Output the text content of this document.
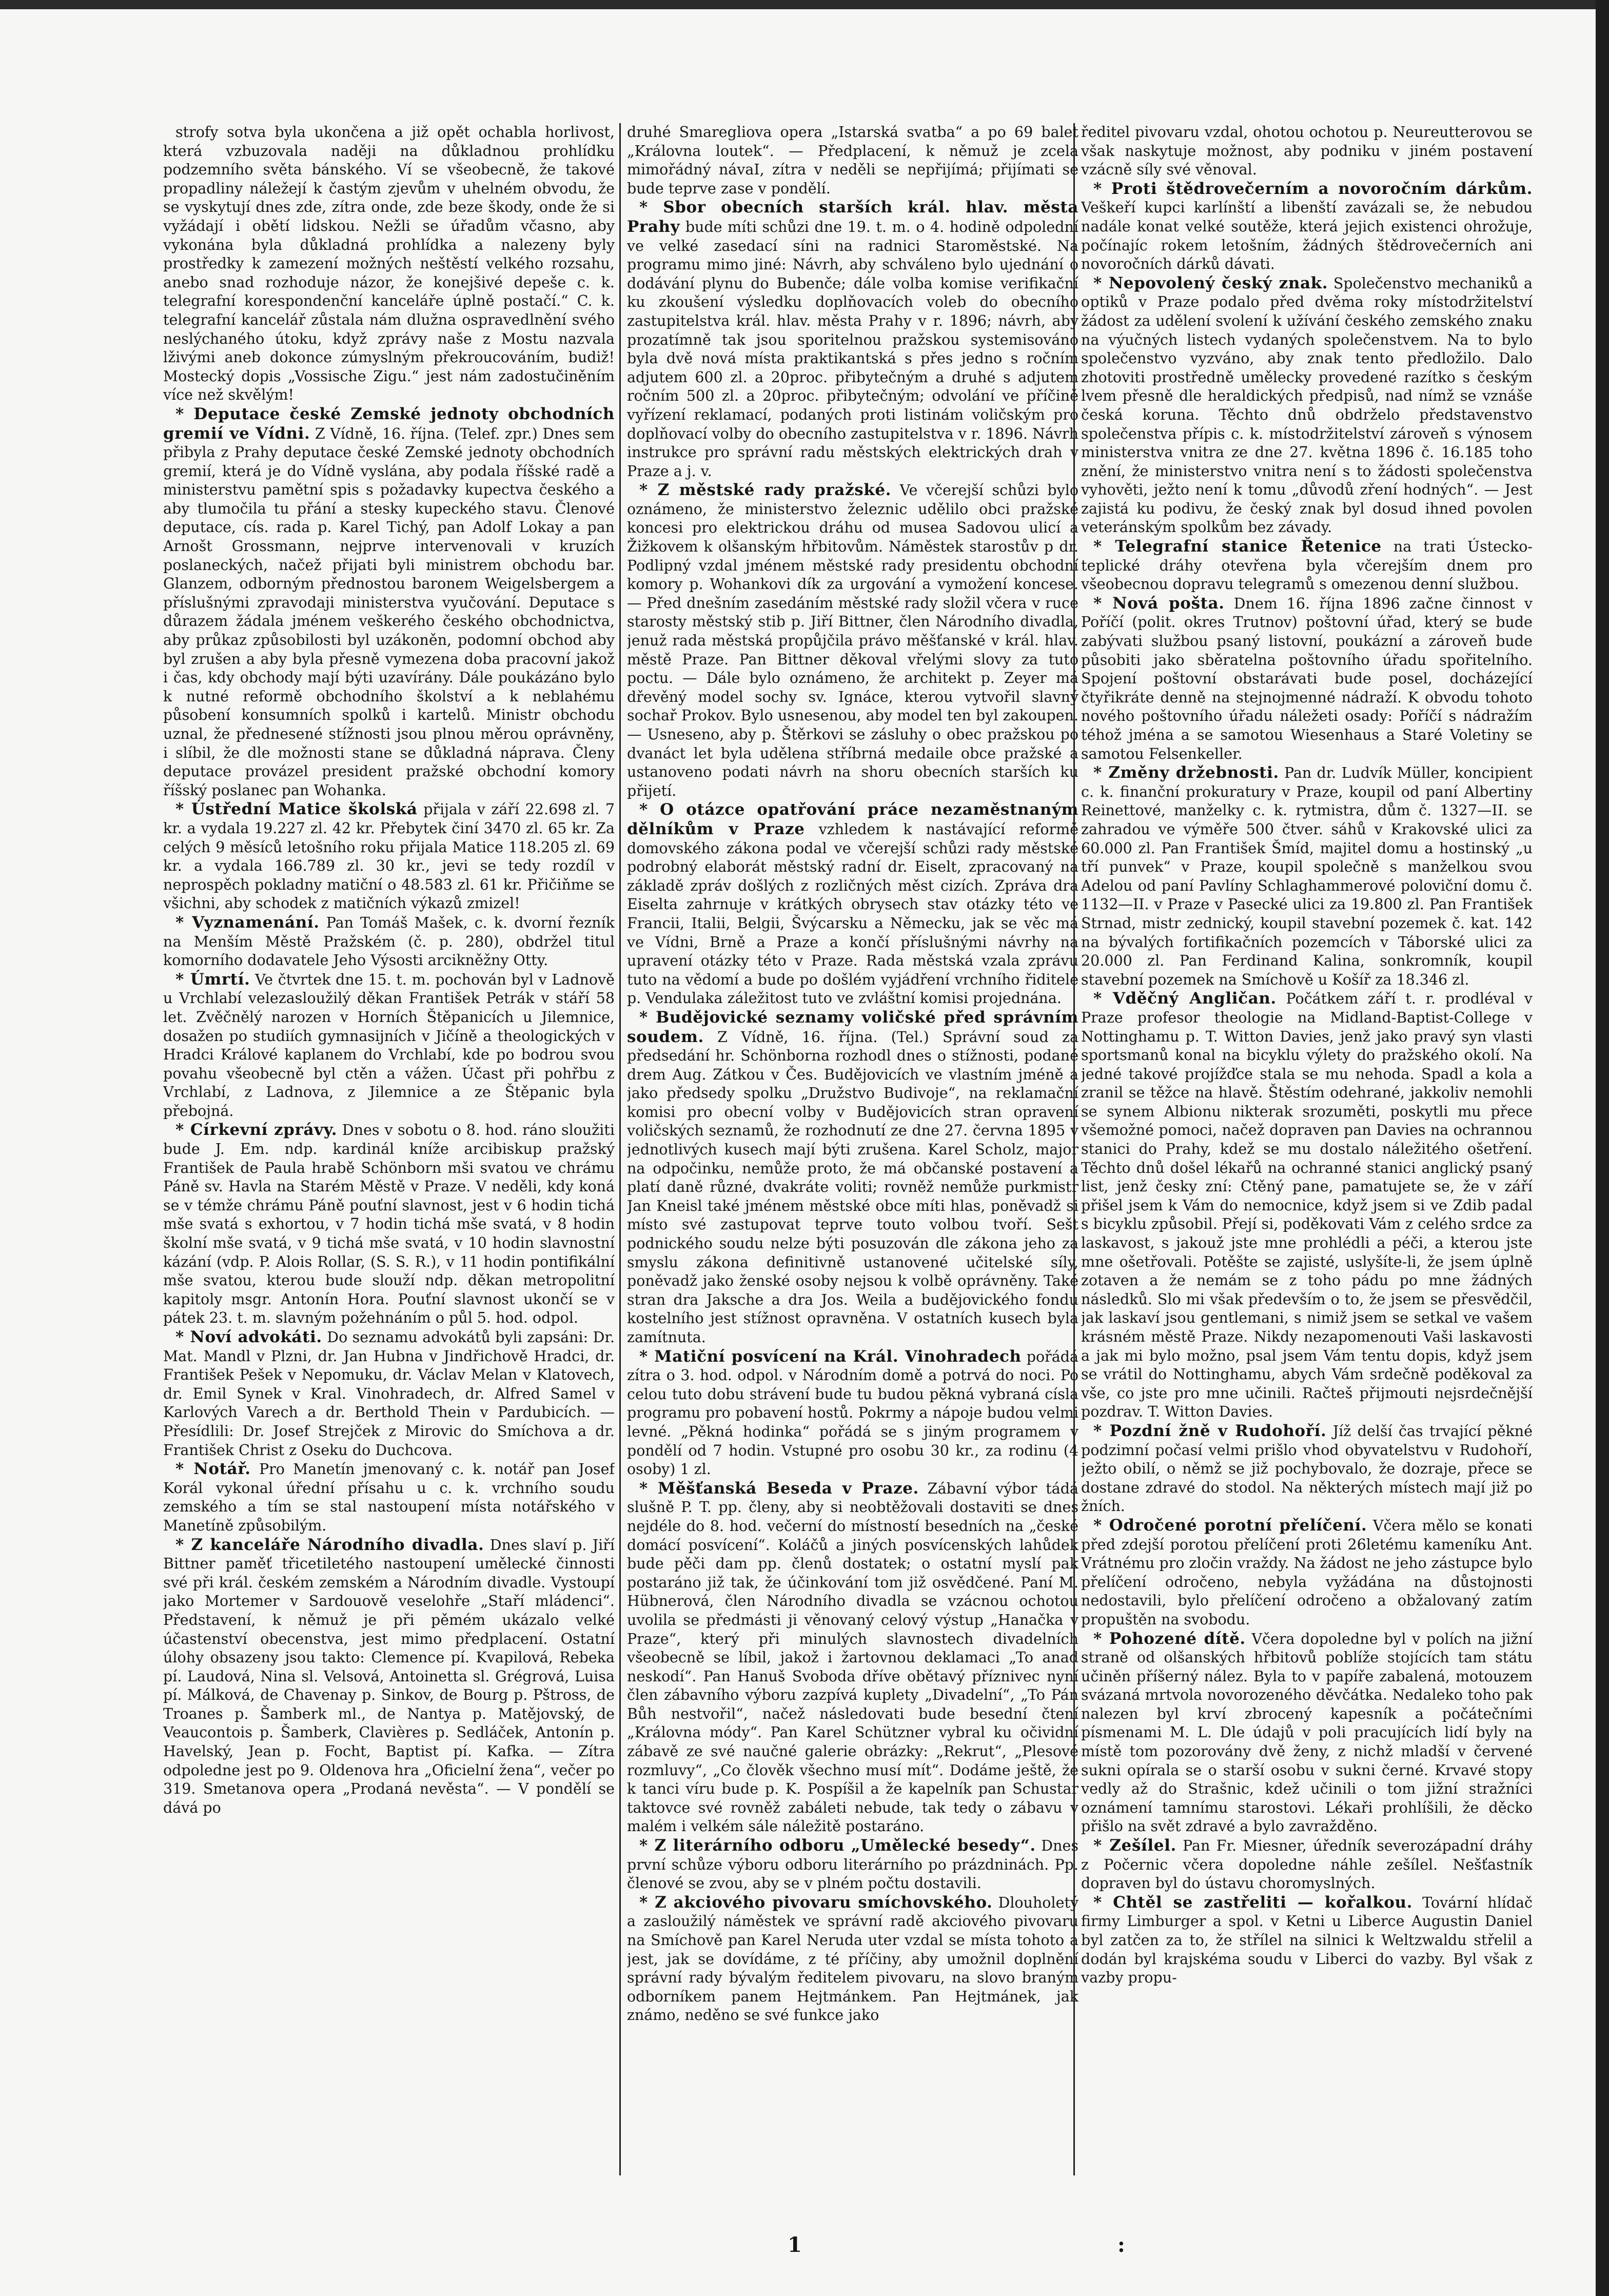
strofy sotva byla ukončena a již opět ochabla horlivost, která vzbuzovala naději na důkladnou prohlídku podzemního světa bánského. Ví se všeobecně, že takové propadliny náležejí k častým zjevům v uhelném obvodu, že se vyskytují dnes zde, zítra onde, zde beze škody, onde že si vyžádají i obětí lidskou. Nežli se úřadům včasno, aby vykonána byla důkladná prohlídka a nalezeny byly prostředky k zamezení možných neštěstí velkého rozsahu, anebo snad rozhoduje názor, že konejšivé depeše c. k. telegrafní korespondenční kanceláře úplně postačí.“ C. k. telegrafní kancelář zůstala nám dlužna ospravedlnění svého neslýchaného útoku, když zprávy naše z Mostu nazvala lživými aneb dokonce zúmyslným překroucováním, budiž! Mostecký dopis „Vossische Zigu.“ jest nám zadostučiněním více než skvělým!

* Deputace české Zemské jednoty obchodních gremií ve Vídni. Z Vídně, 16. října. (Telef. zpr.) Dnes sem přibyla z Prahy deputace české Zemské jednoty obchodních gremií, která je do Vídně vyslána, aby podala říšské radě a ministerstvu pamětní spis s požadavky kupectva českého a aby tlumočila tu přání a stesky kupeckého stavu. Členové deputace, cís. rada p. Karel Tichý, pan Adolf Lokay a pan Arnošt Grossmann, nejprve intervenovali v kruzích poslaneckých, načež přijati byli ministrem obchodu bar. Glanzem, odborným přednostou baronem Weigelsbergem a příslušnými zpravodaji ministerstva vyučování. Deputace s důrazem žádala jménem veškerého českého obchodnictva, aby průkaz způsobilosti byl uzákoněn, podomní obchod aby byl zrušen a aby byla přesně vymezena doba pracovní jakož i čas, kdy obchody mají býti uzavírány. Dále poukázáno bylo k nutné reformě obchodního školství a k neblahému působení konsumních spolků i kartelů. Ministr obchodu uznal, že přednesené stížnosti jsou plnou měrou oprávněny, i slíbil, že dle možnosti stane se důkladná náprava. Členy deputace provázel president pražské obchodní komory říšský poslanec pan Wohanka.

* Ústřední Matice školská přijala v září 22.698 zl. 7 kr. a vydala 19.227 zl. 42 kr. Přebytek činí 3470 zl. 65 kr. Za celých 9 měsíců letošního roku přijala Matice 118.205 zl. 69 kr. a vydala 166.789 zl. 30 kr., jevi se tedy rozdíl v neprospěch pokladny matiční o 48.583 zl. 61 kr. Přičiňme se všichni, aby schodek z matičních výkazů zmizel!

* Vyznamenání. Pan Tomáš Mašek, c. k. dvorní řezník na Menším Městě Pražském (č. p. 280), obdržel titul komorního dodavatele Jeho Výsosti arcikněžny Otty.

* Úmrtí. Ve čtvrtek dne 15. t. m. pochován byl v Ladnově u Vrchlabí velezasloužilý děkan František Petrák v stáří 58 let. Zvěčnělý narozen v Horních Štěpanicích u Jilemnice, dosažen po studiích gymnasijních v Jičíně a theologických v Hradci Králové kaplanem do Vrchlabí, kde po bodrou svou povahu všeobecně byl ctěn a vážen. Účast při pohřbu z Vrchlabí, z Ladnova, z Jilemnice a ze Štěpanic byla přebojná.

* Církevní zprávy. Dnes v sobotu o 8. hod. ráno sloužiti bude J. Em. ndp. kardinál kníže arcibiskup pražský František de Paula hrabě Schönborn mši svatou ve chrámu Páně sv. Havla na Starém Městě v Praze. V neděli, kdy koná se v témže chrámu Páně pouťní slavnost, jest v 6 hodin tichá mše svatá s exhortou, v 7 hodin tichá mše svatá, v 8 hodin školní mše svatá, v 9 tichá mše svatá, v 10 hodin slavnostní kázání (vdp. P. Alois Rollar, (S. S. R.), v 11 hodin pontifikální mše svatou, kterou bude slouží ndp. děkan metropolitní kapitoly msgr. Antonín Hora. Pouťní slavnost ukončí se v pátek 23. t. m. slavným požehnáním o půl 5. hod. odpol.

* Noví advokáti. Do seznamu advokátů byli zapsáni: Dr. Mat. Mandl v Plzni, dr. Jan Hubna v Jindřichově Hradci, dr. František Pešek v Nepomuku, dr. Václav Melan v Klatovech, dr. Emil Synek v Kral. Vinohradech, dr. Alfred Samel v Karlových Varech a dr. Berthold Thein v Pardubicích. — Přesídlili: Dr. Josef Strejček z Mirovic do Smíchova a dr. František Christ z Oseku do Duchcova.

* Notář. Pro Manetín jmenovaný c. k. notář pan Josef Korál vykonal úřední přísahu u c. k. vrchního soudu zemského a tím se stal nastoupení místa notářského v Manetíně způsobilým.

* Z kanceláře Národního divadla. Dnes slaví p. Jiří Bittner paměť třicetiletého nastoupení umělecké činnosti své při král. českém zemském a Národním divadle. Vystoupí jako Mortemer v Sardouově veselohře „Staří mládenci“. Představení, k němuž je při pěmém ukázalo velké účastenství obecenstva, jest mimo předplacení. Ostatní úlohy obsazeny jsou takto: Clemence pí. Kvapilová, Rebeka pí. Laudová, Nina sl. Velsová, Antoinetta sl. Grégrová, Luisa pí. Málková, de Chavenay p. Sinkov, de Bourg p. Pštross, de Troanes p. Šamberk ml., de Nantya p. Matějovský, de Veaucontois p. Šamberk, Clavières p. Sedláček, Antonín p. Havelský, Jean p. Focht, Baptist pí. Kafka. — Zítra odpoledne jest po 9. Oldenova hra „Oficielní žena“, večer po 319. Smetanova opera „Prodaná nevěsta“. — V pondělí se dává po

druhé Smaregliova opera „Istarská svatba“ a po 69 balet „Královna loutek“. — Předplacení, k němuž je zcela mimořádný návaI, zítra v neděli se nepřijímá; přijímati se bude teprve zase v pondělí.

* Sbor obecních starších král. hlav. města Prahy bude míti schůzi dne 19. t. m. o 4. hodině odpolední ve velké zasedací síni na radnici Staroměstské. Na programu mimo jiné: Návrh, aby schváleno bylo ujednání o dodávání plynu do Bubenče; dále volba komise verifikační ku zkoušení výsledku doplňovacích voleb do obecního zastupitelstva král. hlav. města Prahy v r. 1896; návrh, aby prozatímně tak jsou sporitelnou pražskou systemisováno byla dvě nová místa praktikantská s přes jedno s ročním adjutem 600 zl. a 20proc. přibytečným a druhé s adjutem ročním 500 zl. a 20proc. přibytečným; odvolání ve příčině vyřízení reklamací, podaných proti listinám voličským pro doplňovací volby do obecního zastupitelstva v r. 1896. Návrh instrukce pro správní radu městských elektrických drah v Praze a j. v.

* Z městské rady pražské. Ve včerejší schůzi bylo oznámeno, že ministerstvo železnic udělilo obci pražské koncesi pro elektrickou dráhu od musea Sadovou ulicí a Žižkovem k olšanským hřbitovům. Náměstek starostův p dr. Podlipný vzdal jménem městské rady presidentu obchodní komory p. Wohankovi dík za urgování a vymožení koncese. — Před dnešním zasedáním městské rady složil včera v ruce starosty městský stib p. Jiří Bittner, člen Národního divadla, jenuž rada městská propůjčila právo měšťanské v král. hlav. městě Praze. Pan Bittner děkoval vřelými slovy za tuto poctu. — Dále bylo oznámeno, že architekt p. Zeyer má dřevěný model sochy sv. Ignáce, kterou vytvořil slavný sochař Prokov. Bylo usnesenou, aby model ten byl zakoupen. — Usneseno, aby p. Štěrkovi se zásluhy o obec pražskou po dvanáct let byla udělena stříbrná medaile obce pražské a ustanoveno podati návrh na shoru obecních starších ku přijetí.

* O otázce opatřování práce nezaměstnaným dělníkům v Praze vzhledem k nastávající reformě domovského zákona podal ve včerejší schůzi rady městské podrobný elaborát městský radní dr. Eiselt, zpracovaný na základě zpráv došlých z rozličných měst cizích. Zpráva dra Eiselta zahrnuje v krátkých obrysech stav otázky této ve Francii, Italii, Belgii, Švýcarsku a Německu, jak se věc má ve Vídni, Brně a Praze a končí příslušnými návrhy na upravení otázky této v Praze. Rada městská vzala zprávu tuto na vědomí a bude po došlém vyjádření vrchního řiditele p. Vendulaka záležitost tuto ve zvláštní komisi projednána.

* Budějovické seznamy voličské před správním soudem. Z Vídně, 16. října. (Tel.) Správní soud za předsedání hr. Schönborna rozhodl dnes o stížnosti, podané drem Aug. Zátkou v Čes. Budějovicích ve vlastním jméně a jako předsedy spolku „Družstvo Budivoje“, na reklamační komisi pro obecní volby v Budějovicích stran opravení voličských seznamů, že rozhodnutí ze dne 27. června 1895 v jednotlivých kusech mají býti zrušena. Karel Scholz, major na odpočinku, nemůže proto, že má občanské postavení a platí daně různé, dvakráte voliti; rovněž nemůže purkmistr Jan Kneisl také jménem městské obce míti hlas, poněvadž si místo své zastupovat teprve touto volbou tvoří. Sešt podnického soudu nelze býti posuzován dle zákona jeho za smyslu zákona definitivně ustanovené učitelské síly, poněvadž jako ženské osoby nejsou k volbě oprávněny. Také stran dra Jaksche a dra Jos. Weila a budějovického fondu kostelního jest stížnost opravněna. V ostatních kusech byla zamítnuta.

* Matiční posvícení na Král. Vinohradech pořádá zítra o 3. hod. odpol. v Národním domě a potrvá do noci. Po celou tuto dobu strávení bude tu budou pěkná vybraná císla programu pro pobavení hostů. Pokrmy a nápoje budou velmi levné. „Pěkná hodinka“ pořádá se s jiným programem v pondělí od 7 hodin. Vstupné pro osobu 30 kr., za rodinu (4 osoby) 1 zl.

* Měšťanská Beseda v Praze. Zábavní výbor tádá slušně P. T. pp. členy, aby si neobtěžovali dostaviti se dnes nejdéle do 8. hod. večerní do místností besedních na „české domácí posvícení“. Koláčů a jiných posvícenských lahůdek bude pěči dam pp. členů dostatek; o ostatní myslí pak postaráno již tak, že účinkování tom již osvědčené. Paní M. Hübnerová, člen Národního divadla se vzácnou ochotou uvolila se předmásti ji věnovaný celový výstup „Hanačka v Praze“, který při minulých slavnostech divadelních všeobecně se líbil, jakož i žartovnou deklamaci „To anad neskodí“. Pan Hanuš Svoboda dříve obětavý příznivec nyní člen zábavního výboru zazpívá kuplety „Divadelní“, „To Pán Bůh nestvořil“, načež následovati bude besední čtení „Královna módy“. Pan Karel Schützner vybral ku očividní zábavě ze své naučné galerie obrázky: „Rekrut“, „Plesové rozmluvy“, „Co člověk všechno musí mít“. Dodáme ještě, že k tanci víru bude p. K. Pospíšil a že kapelník pan Schustar taktovce své rovněž zabáleti nebude, tak tedy o zábavu v malém i velkém sále náležitě postaráno.

* Z literárního odboru „Umělecké besedy“. Dnes první schůze výboru odboru literárního po prázdninách. Pp. členové se zvou, aby se v plném počtu dostavili.

* Z akciového pivovaru smíchovského. Dlouholetý a zasloužilý náměstek ve správní radě akciového pivovaru na Smíchově pan Karel Neruda uter vzdal se místa tohoto a jest, jak se dovídáme, z té příčiny, aby umožnil doplnění správní rady bývalým ředitelem pivovaru, na slovo braným odborníkem panem Hejtmánkem. Pan Hejtmánek, jak známo, neděno se své funkce jako

ředitel pivovaru vzdal, ohotou ochotou p. Neureutterovou se však naskytuje možnost, aby podniku v jiném postavení vzácně síly své věnoval.

* Proti štědrovečerním a novoročním dárkům. Veškeří kupci karlínští a libenští zavázali se, že nebudou nadále konat velké soutěže, která jejich existenci ohrožuje, počínajíc rokem letošním, žádných štědrovečerních ani novoročních dárků dávati.

* Nepovolený český znak. Společenstvo mechaniků a optiků v Praze podalo před dvěma roky místodržitelství žádost za udělení svolení k užívání českého zemského znaku na výučných listech vydaných společenstvem. Na to bylo společenstvo vyzváno, aby znak tento předložilo. Dalo zhotoviti prostředně umělecky provedené razítko s českým lvem přesně dle heraldických předpisů, nad nímž se vznáše česká koruna. Těchto dnů obdrželo představenstvo společenstva přípis c. k. místodržitelství zároveň s výnosem ministerstva vnitra ze dne 27. května 1896 č. 16.185 toho znění, že ministerstvo vnitra není s to žádosti společenstva vyhověti, ježto není k tomu „důvodů zření hodných“. — Jest zajistá ku podivu, že český znak byl dosud ihned povolen veteránským spolkům bez závady.

* Telegrafní stanice Řetenice na trati Ústecko-teplické dráhy otevřena byla včerejším dnem pro všeobecnou dopravu telegramů s omezenou denní službou.

* Nová pošta. Dnem 16. října 1896 začne činnost v Poříčí (polit. okres Trutnov) poštovní úřad, který se bude zabývati službou psaný listovní, poukázní a zároveň bude působiti jako sběratelna poštovního úřadu spořitelního. Spojení poštovní obstarávati bude posel, docházející čtyřikráte denně na stejnojmenné nádraží. K obvodu tohoto nového poštovního úřadu náležeti osady: Poříčí s nádražím téhož jména a se samotou Wiesenhaus a Staré Voletiny se samotou Felsenkeller.

* Změny držebnosti. Pan dr. Ludvík Müller, koncipient c. k. finanční prokuratury v Praze, koupil od paní Albertiny Reinettové, manželky c. k. rytmistra, dům č. 1327—II. se zahradou ve výměře 500 čtver. sáhů v Krakovské ulici za 60.000 zl. Pan František Šmíd, majitel domu a hostinský „u tří punvek“ v Praze, koupil společně s manželkou svou Adelou od paní Pavlíny Schlaghammerové poloviční domu č. 1132—II. v Praze v Pasecké ulici za 19.800 zl. Pan František Strnad, mistr zednický, koupil stavební pozemek č. kat. 142 na bývalých fortifikačních pozemcích v Táborské ulici za 20.000 zl. Pan Ferdinand Kalina, sonkromník, koupil stavební pozemek na Smíchově u Košíř za 18.346 zl.

* Vděčný Angličan. Počátkem září t. r. prodléval v Praze profesor theologie na Midland-Baptist-College v Nottinghamu p. T. Witton Davies, jenž jako pravý syn vlasti sportsmanů konal na bicyklu výlety do pražského okolí. Na jedné takové projížďce stala se mu nehoda. Spadl a kola a zranil se těžce na hlavě. Štěstím odehrané, jakkoliv nemohli se synem Albionu nikterak srozuměti, poskytli mu přece všemožné pomoci, načež dopraven pan Davies na ochrannou stanici do Prahy, kdež se mu dostalo náležitého ošetření. Těchto dnů došel lékařů na ochranné stanici anglický psaný list, jenž česky zní: Ctěný pane, pamatujete se, že v září přišel jsem k Vám do nemocnice, když jsem si ve Zdib padal s bicyklu způsobil. Přejí si, poděkovati Vám z celého srdce za laskavost, s jakouž jste mne prohlédli a péči, a kterou jste mne ošetřovali. Potěšte se zajisté, usly​šíte-li, že jsem úplně zotaven a že nemám se z toho pádu po mne žádných následků. Slo mi však především o to, že jsem se přesvědčil, jak laskaví jsou gentlemani, s nimiž jsem se setkal ve vašem krásném městě Praze. Nikdy nezapomenouti Vaši laskavosti a jak mi bylo možno, psal jsem Vám tentu dopis, když jsem se vrátil do Nottinghamu, abych Vám srdečně poděkoval za vše, co jste pro mne učinili. Račteš přijmouti nejsrdečnější pozdrav. T. Witton Davies.

* Pozdní žně v Rudohoří. Jíž delší čas trvající pěkné podzimní počasí velmi prišlo vhod obyvatelstvu v Rudohoří, ježto obilí, o němž se již pochybovalo, že dozraje, přece se dostane zdravé do stodol. Na některých místech mají již po žních.

* Odročené porotní přelíčení. Včera mělo se konati před zdejší porotou přelíčení proti 26letému kameníku Ant. Vrátnému pro zločin vraždy. Na žádost ne jeho zástupce bylo přelíčení odročeno, nebyla vyžádána na důstojnosti nedostavili, bylo přelíčení odročeno a obžalovaný zatím propuštěn na svobodu.

* Pohozené dítě. Včera dopoledne byl v polích na jižní straně od olšanských hřbitovů poblíže stojících tam státu učiněn příšerný nález. Byla to v papíře zabalená, motouzem svázaná mrtvola novorozeného děvčátka. Nedaleko toho pak nalezen byl krví zbrocený kapesník a počátečními písmenami M. L. Dle údajů v poli pracujících lidí byly na místě tom pozorovány dvě ženy, z nichž mladší v červené sukni opírala se o starší osobu v sukni černé. Krvavé stopy vedly až do Strašnic, kdež učinili o tom jižní stražníci oznámení tamnímu starostovi. Lékaři prohlíšili, že děcko přišlo na svět zdravé a bylo zavražděno.

* Zešílel. Pan Fr. Miesner, úředník severozápadní dráhy z Počernic včera dopoledne náhle zešílel. Nešťastník dopraven byl do ústavu choromyslných.

* Chtěl se zastřeliti — kořalkou. Tovární hlídač firmy Limburger a spol. v Ketni u Liberce Augustin Daniel byl zatčen za to, že střílel na silnici k Weltzwaldu střelil a dodán byl krajskéma soudu v Liberci do vazby. Byl však z vazby propu-

1	:
